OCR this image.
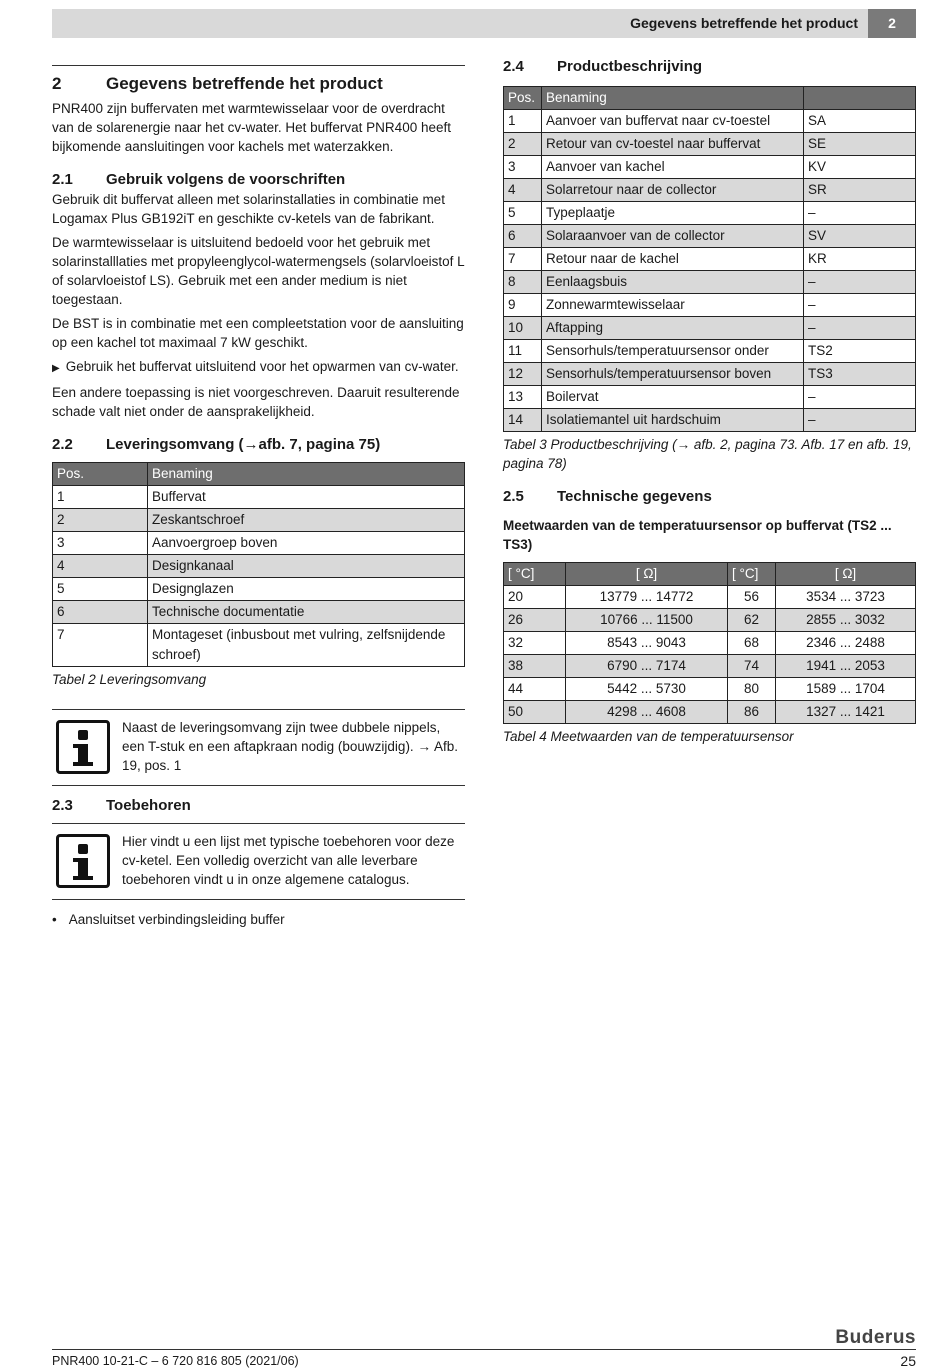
Gegevens betreffende het product	2
2	Gegevens betreffende het product

PNR400 zijn buffervaten met warmtewisselaar voor de overdracht van de solarenergie naar het cv-water. Het buffervat PNR400 heeft bijkomende aansluitingen voor kachels met waterzakken.

2.1	Gebruik volgens de voorschriften

Gebruik dit buffervat alleen met solarinstallaties in combinatie met Logamax Plus GB192iT en geschikte cv-ketels van de fabrikant.

De warmtewisselaar is uitsluitend bedoeld voor het gebruik met solarinstalllaties met propyleenglycol-watermengsels (solarvloeistof L of solarvloeistof LS). Gebruik met een ander medium is niet toegestaan.

De BST is in combinatie met een compleetstation voor de aansluiting op een kachel tot maximaal 7 kW geschikt.

▶ Gebruik het buffervat uitsluitend voor het opwarmen van cv-water.

Een andere toepassing is niet voorgeschreven. Daaruit resulterende schade valt niet onder de aansprakelijkheid.

2.2	Leveringsomvang (→afb. 7, pagina 75)
Pos.	Benaming
1	Buffervat
2	Zeskantschroef
3	Aanvoergroep boven
4	Designkanaal
5	Designglazen
6	Technische documentatie
7	Montageset (inbusbout met vulring, zelfsnijdende schroef)

Tabel 2 Leveringsomvang

Naast de leveringsomvang zijn twee dubbele nippels, een T-stuk en een aftapkraan nodig (bouwzijdig). → Afb. 19, pos. 1

2.3	Toebehoren

Hier vindt u een lijst met typische toebehoren voor deze cv-ketel. Een volledig overzicht van alle leverbare toebehoren vindt u in onze algemene catalogus.

• Aansluitset verbindingsleiding buffer

2.4	Productbeschrijving
Pos.	Benaming	
1	Aanvoer van buffervat naar cv-toestel	SA
2	Retour van cv-toestel naar buffervat	SE
3	Aanvoer van kachel	KV
4	Solarretour naar de collector	SR
5	Typeplaatje	–
6	Solaraanvoer van de collector	SV
7	Retour naar de kachel	KR
8	Eenlaagsbuis	–
9	Zonnewarmtewisselaar	–
10	Aftapping	–
11	Sensorhuls/temperatuursensor onder	TS2
12	Sensorhuls/temperatuursensor boven	TS3
13	Boilervat	–
14	Isolatiemantel uit hardschuim	–

Tabel 3 Productbeschrijving (→ afb. 2, pagina 73. Afb. 17 en afb. 19, pagina 78)

2.5	Technische gegevens

Meetwaarden van de temperatuursensor op buffervat (TS2 ... TS3)

[ °C]	[ Ω]	[ °C]	[ Ω]
20	13779 ... 14772	56	3534 ... 3723
26	10766 ... 11500	62	2855 ... 3032
32	8543 ... 9043	68	2346 ... 2488
38	6790 ... 7174	74	1941 ... 2053
44	5442 ... 5730	80	1589 ... 1704
50	4298 ... 4608	86	1327 ... 1421

Tabel 4 Meetwaarden van de temperatuursensor

Buderus
PNR400 10-21-C – 6 720 816 805 (2021/06)	25
